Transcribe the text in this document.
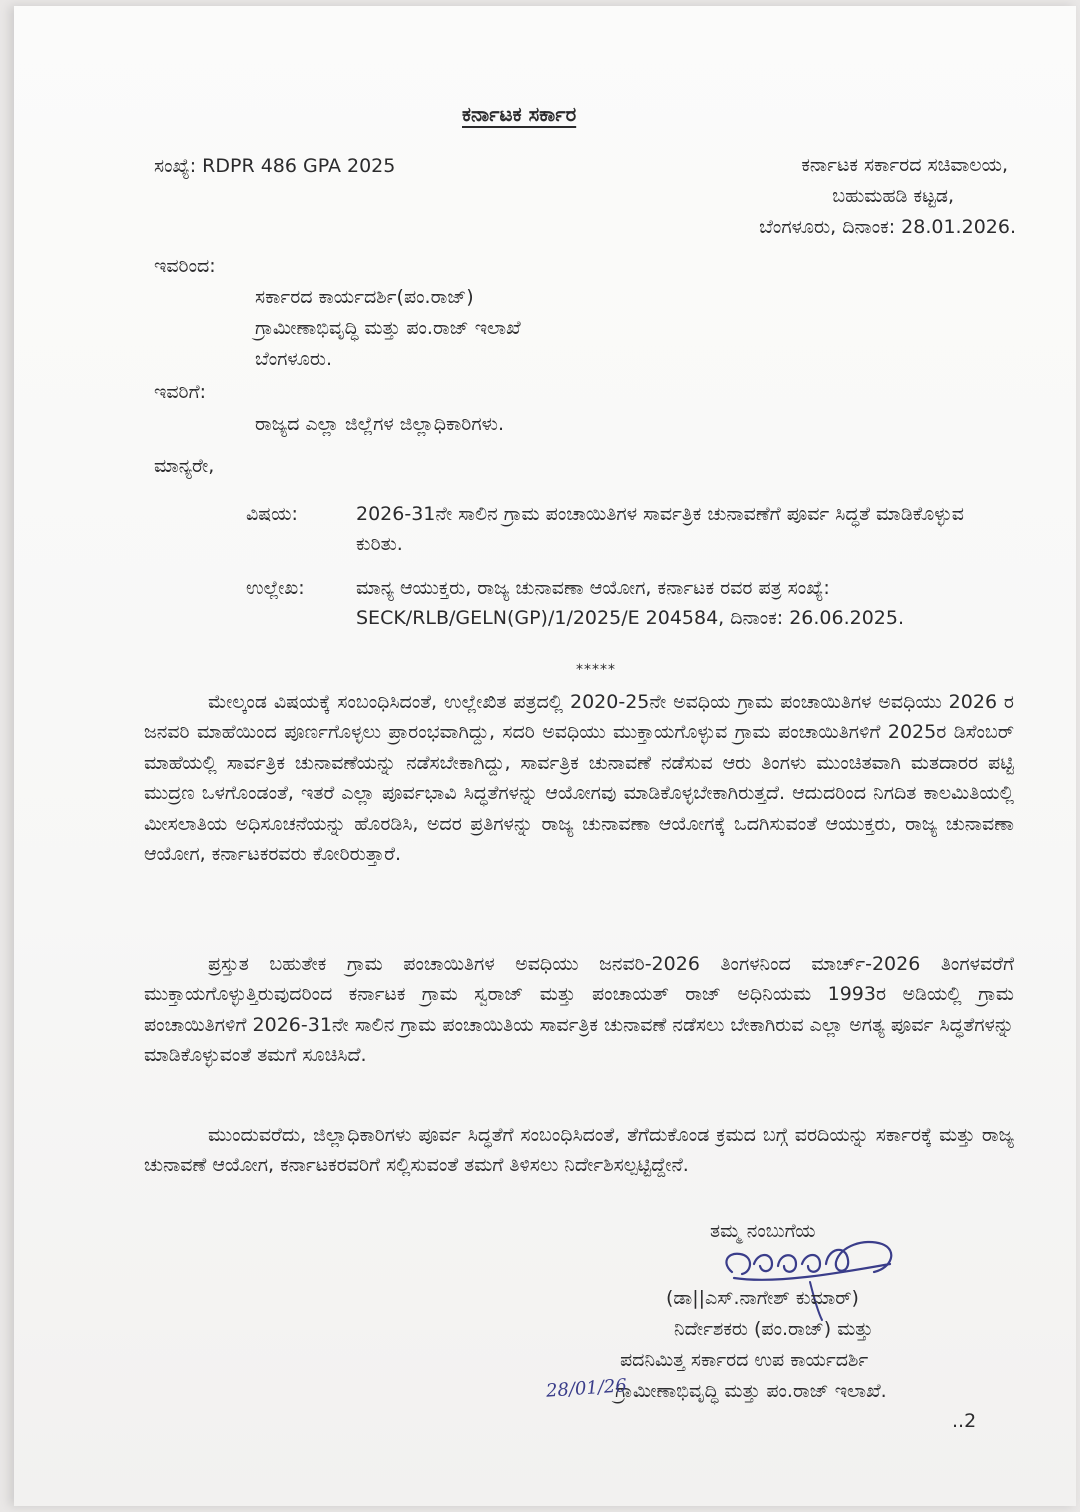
ಕರ್ನಾಟಕ ಸರ್ಕಾರ
ಸಂಖ್ಯೆ: RDPR 486 GPA 2025	ಕರ್ನಾಟಕ ಸರ್ಕಾರದ ಸಚಿವಾಲಯ,
ಬಹುಮಹಡಿ ಕಟ್ಟಡ,
ಬೆಂಗಳೂರು, ದಿನಾಂಕ: 28.01.2026.
ಇವರಿಂದ:
ಸರ್ಕಾರದ ಕಾರ್ಯದರ್ಶಿ(ಪಂ.ರಾಜ್)
ಗ್ರಾಮೀಣಾಭಿವೃದ್ಧಿ ಮತ್ತು ಪಂ.ರಾಜ್ ಇಲಾಖೆ
ಬೆಂಗಳೂರು.
ಇವರಿಗೆ:
ರಾಜ್ಯದ ಎಲ್ಲಾ ಜಿಲ್ಲೆಗಳ ಜಿಲ್ಲಾಧಿಕಾರಿಗಳು.
ಮಾನ್ಯರೇ,
ವಿಷಯ:	2026-31ನೇ ಸಾಲಿನ ಗ್ರಾಮ ಪಂಚಾಯಿತಿಗಳ ಸಾರ್ವತ್ರಿಕ ಚುನಾವಣೆಗೆ ಪೂರ್ವ ಸಿದ್ಧತೆ ಮಾಡಿಕೊಳ್ಳುವ ಕುರಿತು.
ಉಲ್ಲೇಖ:	ಮಾನ್ಯ ಆಯುಕ್ತರು, ರಾಜ್ಯ ಚುನಾವಣಾ ಆಯೋಗ, ಕರ್ನಾಟಕ ರವರ ಪತ್ರ ಸಂಖ್ಯೆ: SECK/RLB/GELN(GP)/1/2025/E 204584, ದಿನಾಂಕ: 26.06.2025.
*****
ಮೇಲ್ಕಂಡ ವಿಷಯಕ್ಕೆ ಸಂಬಂಧಿಸಿದಂತೆ, ಉಲ್ಲೇಖಿತ ಪತ್ರದಲ್ಲಿ 2020-25ನೇ ಅವಧಿಯ ಗ್ರಾಮ ಪಂಚಾಯಿತಿಗಳ ಅವಧಿಯು 2026 ರ ಜನವರಿ ಮಾಹೆಯಿಂದ ಪೂರ್ಣಗೊಳ್ಳಲು ಪ್ರಾರಂಭವಾಗಿದ್ದು, ಸದರಿ ಅವಧಿಯು ಮುಕ್ತಾಯಗೊಳ್ಳುವ ಗ್ರಾಮ ಪಂಚಾಯಿತಿಗಳಿಗೆ 2025ರ ಡಿಸೆಂಬರ್ ಮಾಹೆಯಲ್ಲಿ ಸಾರ್ವತ್ರಿಕ ಚುನಾವಣೆಯನ್ನು ನಡೆಸಬೇಕಾಗಿದ್ದು, ಸಾರ್ವತ್ರಿಕ ಚುನಾವಣೆ ನಡೆಸುವ ಆರು ತಿಂಗಳು ಮುಂಚಿತವಾಗಿ ಮತದಾರರ ಪಟ್ಟಿ ಮುದ್ರಣ ಒಳಗೊಂಡಂತೆ, ಇತರೆ ಎಲ್ಲಾ ಪೂರ್ವಭಾವಿ ಸಿದ್ಧತೆಗಳನ್ನು ಆಯೋಗವು ಮಾಡಿಕೊಳ್ಳಬೇಕಾಗಿರುತ್ತದೆ. ಆದುದರಿಂದ ನಿಗದಿತ ಕಾಲಮಿತಿಯಲ್ಲಿ ಮೀಸಲಾತಿಯ ಅಧಿಸೂಚನೆಯನ್ನು ಹೊರಡಿಸಿ, ಅದರ ಪ್ರತಿಗಳನ್ನು ರಾಜ್ಯ ಚುನಾವಣಾ ಆಯೋಗಕ್ಕೆ ಒದಗಿಸುವಂತೆ ಆಯುಕ್ತರು, ರಾಜ್ಯ ಚುನಾವಣಾ ಆಯೋಗ, ಕರ್ನಾಟಕರವರು ಕೋರಿರುತ್ತಾರೆ.
ಪ್ರಸ್ತುತ ಬಹುತೇಕ ಗ್ರಾಮ ಪಂಚಾಯಿತಿಗಳ ಅವಧಿಯು ಜನವರಿ-2026 ತಿಂಗಳನಿಂದ ಮಾರ್ಚ್-2026 ತಿಂಗಳವರೆಗೆ ಮುಕ್ತಾಯಗೊಳ್ಳುತ್ತಿರುವುದರಿಂದ ಕರ್ನಾಟಕ ಗ್ರಾಮ ಸ್ವರಾಜ್ ಮತ್ತು ಪಂಚಾಯತ್ ರಾಜ್ ಅಧಿನಿಯಮ 1993ರ ಅಡಿಯಲ್ಲಿ ಗ್ರಾಮ ಪಂಚಾಯಿತಿಗಳಿಗೆ 2026-31ನೇ ಸಾಲಿನ ಗ್ರಾಮ ಪಂಚಾಯಿತಿಯ ಸಾರ್ವತ್ರಿಕ ಚುನಾವಣೆ ನಡೆಸಲು ಬೇಕಾಗಿರುವ ಎಲ್ಲಾ ಅಗತ್ಯ ಪೂರ್ವ ಸಿದ್ಧತೆಗಳನ್ನು ಮಾಡಿಕೊಳ್ಳುವಂತೆ ತಮಗೆ ಸೂಚಿಸಿದೆ.
ಮುಂದುವರೆದು, ಜಿಲ್ಲಾಧಿಕಾರಿಗಳು ಪೂರ್ವ ಸಿದ್ಧತೆಗೆ ಸಂಬಂಧಿಸಿದಂತೆ, ತೆಗೆದುಕೊಂಡ ಕ್ರಮದ ಬಗ್ಗೆ ವರದಿಯನ್ನು ಸರ್ಕಾರಕ್ಕೆ ಮತ್ತು ರಾಜ್ಯ ಚುನಾವಣೆ ಆಯೋಗ, ಕರ್ನಾಟಕರವರಿಗೆ ಸಲ್ಲಿಸುವಂತೆ ತಮಗೆ ತಿಳಿಸಲು ನಿರ್ದೇಶಿಸಲ್ಪಟ್ಟಿದ್ದೇನೆ.
ತಮ್ಮ ನಂಬುಗೆಯ
(ಡಾ||ಎಸ್.ನಾಗೇಶ್ ಕುಮಾರ್)
ನಿರ್ದೇಶಕರು (ಪಂ.ರಾಜ್) ಮತ್ತು
ಪದನಿಮಿತ್ತ ಸರ್ಕಾರದ ಉಪ ಕಾರ್ಯದರ್ಶಿ
ಗ್ರಾಮೀಣಾಭಿವೃದ್ಧಿ ಮತ್ತು ಪಂ.ರಾಜ್ ಇಲಾಖೆ.
28/01/26
..2
